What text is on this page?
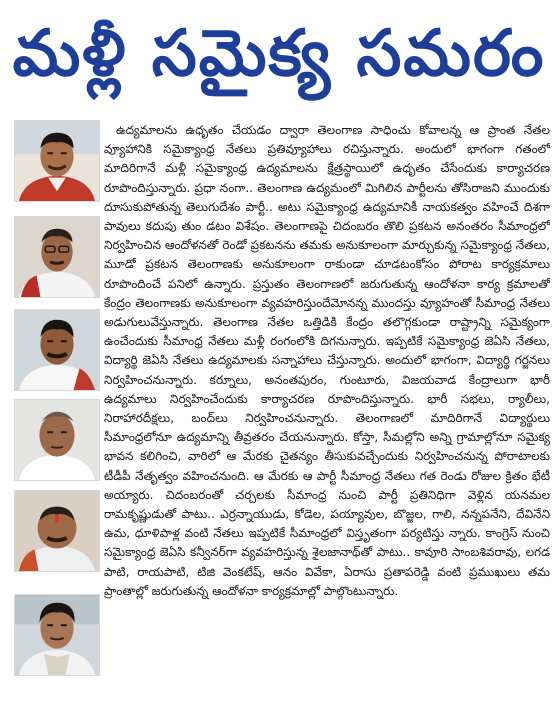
మళ్లీ సమైక్య సమరం

ఉద్యమాలను ఉధృతం చేయడం ద్వారా తెలంగాణ సాధించు కోవాలన్న ఆ ప్రాంత నేతల వ్యూహానికి సమైక్యాంధ్ర నేతలు ప్రతివ్యూహాలు రచిస్తున్నారు. అందులో భాగంగా గతంలో మాదిరిగానే మళ్లీ సమైక్యాంధ్ర ఉద్యమాలను క్షేత్రస్థాయిలో ఉధృతం చేసేందుకు కార్యాచరణ రూపొందిస్తున్నారు. ప్రధా నంగా.. తెలంగాణ ఉద్యమంలో మిగిలిన పార్టీలను తోసిరాజని ముందుకు దూసుకుపోతున్న తెలుగుదేశం పార్టీ.. అటు సమైక్యాంధ్ర ఉద్యమానికీ నాయకత్వం వహించే దిశగా పావులు కదుపు తుం డటం విశేషం. తెలంగాణపై చిదంబరం తొలి ప్రకటన అనంతరం సీమాంధ్రలో నిర్వహించిన ఆందోళనతో రెండో ప్రకటనను తమకు అనుకూలంగా మార్చుకున్న సమైక్యాంధ్ర నేతలు, మూడో ప్రకటన తెలంగాణకు అనుకూలంగా రాకుండా చూడటంకోసం పోరాట కార్యక్రమాలు రూపొందించే పనిలో ఉన్నారు. ప్రస్తుతం తెలంగాణలో జరుగుతున్న ఆందోళనా కార్య క్రమాలతో కేంద్రం తెలంగాణకు అనుకూలంగా వ్యవహరిస్తుందేమోనన్న ముందస్తు వ్యూహంతో సీమాంధ్ర నేతలు అడుగులువేస్తున్నారు. తెలంగాణ నేతల ఒత్తిడికి కేంద్రం తలొగ్గకుండా రాష్ట్రాన్ని సమైక్యంగా ఉంచేందుకు సీమాంధ్ర నేతలు మళ్లీ రంగంలోకి దిగనున్నారు. ఇప్పటికే సమైక్యాంధ్ర జెఏసి నేతలు, విద్యార్థి జెఏసి నేతలు ఉద్యమాలకు సన్నాహాలు చేస్తున్నారు. అందులో భాగంగా, విద్యార్థి గర్జనలు నిర్వహించనున్నారు. కర్నూలు, అనంతపురం, గుంటూరు, విజయవాడ కేంద్రాలుగా భారీ ఉద్యమాలు నిర్వహించేందుకు కార్యాచరణ రూపొందిస్తున్నారు. భారీ సభలు, ర్యాలీలు, నిరాహారదీక్షలు, బంద్‌లు నిర్వహించనున్నారు. తెలంగాణలో మాదిరిగానే విద్యార్థులు సీమాంధ్రలోనూ ఉద్యమాన్ని తీవ్రతరం చేయనున్నారు. కోస్తా, సీమల్లోని అన్ని గ్రామాల్లోనూ సమైక్య భావన కలిగించి, వారిలో ఆ మేరకు చైతన్యం తీసుకువచ్చేందుకు నిర్వహించనున్న పోరాటాలకు టీడీపీ నేతృత్వం వహించనుంది. ఆ మేరకు ఆ పార్టీ సీమాంధ్ర నేతలు గత రెండు రోజుల క్రితం భేటీ అయ్యారు. చిదంబరంతో చర్చలకు సీమాంధ్ర నుంచి పార్టీ ప్రతినిధిగా వెళ్లిన యనమల రామకృష్ణుడుతో పాటు.. ఎర్రన్నాయుడు, కోడెల, పయ్యావుల, బొజ్జల, గాలి, నన్నపనేని, దేవినేని ఉమ, ధూళిపాళ్ల వంటి నేతలు ఇప్పటికే సీమాంధ్రలో విస్తృతంగా పర్యటిస్తు న్నారు. కాంగ్రెస్ నుంచి సమైక్యాంధ్ర జెఏసి కన్వీనర్‌గా వ్యవహరిస్తున్న శైలజానాథ్‌తో పాటు.. కావూరి సాంబశివరావు, లగడ పాటి, రాయపాటి, టిజి వెంకటేష్, ఆనం వివేకా, ఏరాసు ప్రతాపరెడ్డి వంటి ప్రముఖులు తమ ప్రాంతాల్లో జరుగుతున్న ఆందోళనా కార్యక్రమాల్లో పాల్గొంటున్నారు.
